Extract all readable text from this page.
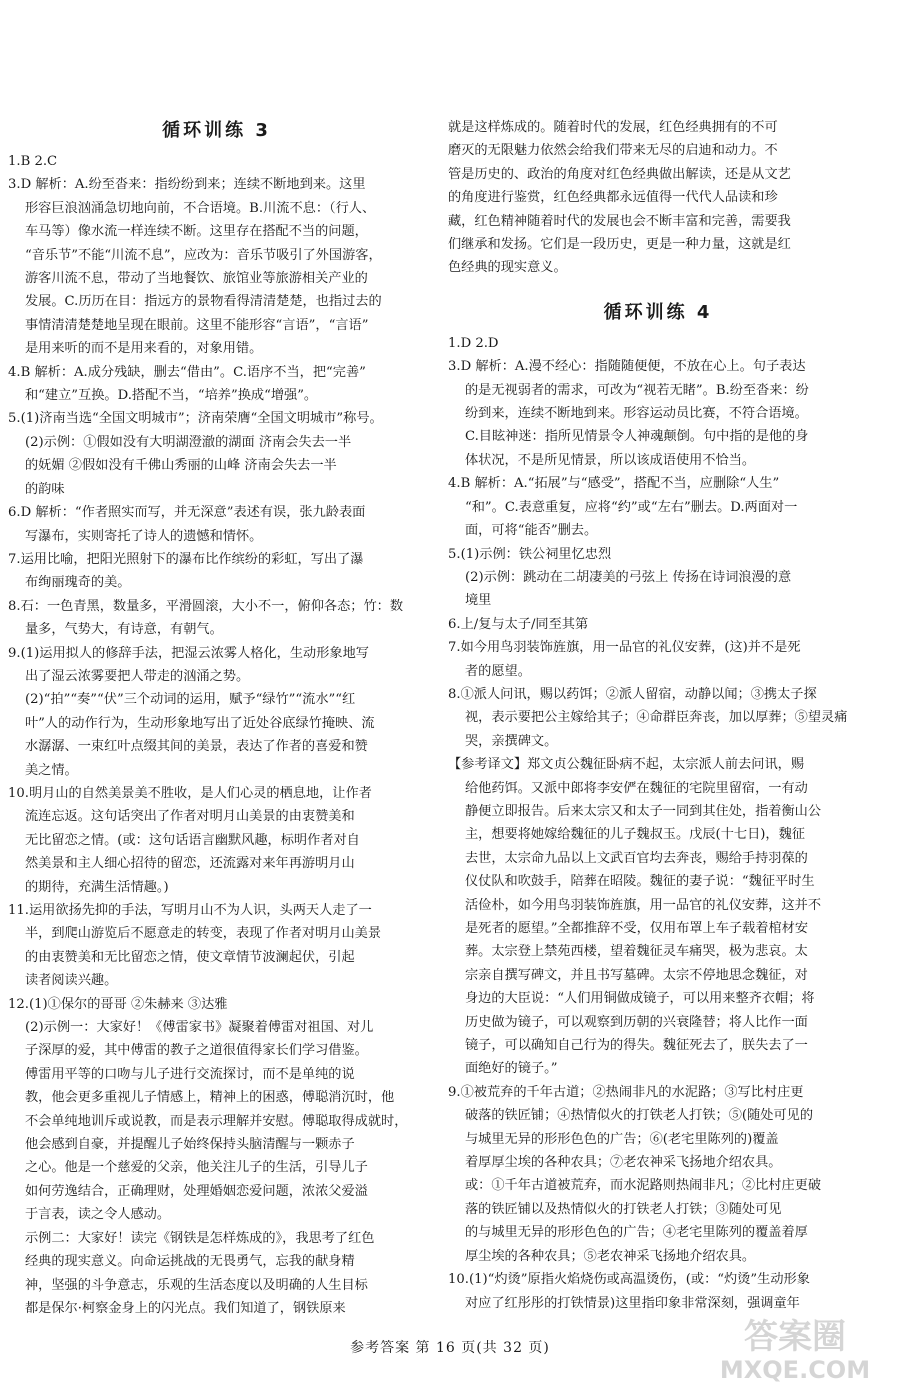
循环训练 3

1.B 2.C

3.D 解析：A.纷至沓来：指纷纷到来；连续不断地到来。这里

形容巨浪汹涌急切地向前，不合语境。B.川流不息：（行人、

车马等）像水流一样连续不断。这里存在搭配不当的问题，

“音乐节”不能“川流不息”，应改为：音乐节吸引了外国游客，

游客川流不息，带动了当地餐饮、旅馆业等旅游相关产业的

发展。C.历历在目：指远方的景物看得清清楚楚，也指过去的

事情清清楚楚地呈现在眼前。这里不能形容“言语”，“言语”

是用来听的而不是用来看的，对象用错。

4.B 解析：A.成分残缺，删去“借由”。C.语序不当，把“完善”

和“建立”互换。D.搭配不当，“培养”换成“增强”。

5.(1)济南当选“全国文明城市”；济南荣膺“全国文明城市”称号。

(2)示例：①假如没有大明湖澄澈的湖面 济南会失去一半

的妩媚 ②假如没有千佛山秀丽的山峰 济南会失去一半

的韵味

6.D 解析：“作者照实而写，并无深意”表述有误，张九龄表面

写瀑布，实则寄托了诗人的遗憾和情怀。

7.运用比喻，把阳光照射下的瀑布比作缤纷的彩虹，写出了瀑

布绚丽瑰奇的美。

8.石：一色青黑，数量多，平滑圆滚，大小不一，俯仰各态；竹：数

量多，气势大，有诗意，有朝气。

9.(1)运用拟人的修辞手法，把湿云浓雾人格化，生动形象地写

出了湿云浓雾要把人带走的汹涌之势。

(2)“拍”“奏”“伏”三个动词的运用，赋予“绿竹”“流水”“红

叶”人的动作行为，生动形象地写出了近处谷底绿竹掩映、流

水潺潺、一束红叶点缀其间的美景，表达了作者的喜爱和赞

美之情。

10.明月山的自然美景美不胜收，是人们心灵的栖息地，让作者

流连忘返。这句话突出了作者对明月山美景的由衷赞美和

无比留恋之情。(或：这句话语言幽默风趣，标明作者对自

然美景和主人细心招待的留恋，还流露对来年再游明月山

的期待，充满生活情趣。)

11.运用欲扬先抑的手法，写明月山不为人识，头两天人走了一

半，到爬山游览后不愿意走的转变，表现了作者对明月山美景

的由衷赞美和无比留恋之情，使文章情节波澜起伏，引起

读者阅读兴趣。

12.(1)①保尔的哥哥 ②朱赫来 ③达雅

(2)示例一：大家好！《傅雷家书》凝聚着傅雷对祖国、对儿

子深厚的爱，其中傅雷的教子之道很值得家长们学习借鉴。

傅雷用平等的口吻与儿子进行交流探讨，而不是单纯的说

教，他会更多重视儿子情感上，精神上的困惑，傅聪消沉时，他

不会单纯地训斥或说教，而是表示理解并安慰。傅聪取得成就时，

他会感到自豪，并提醒儿子始终保持头脑清醒与一颗赤子

之心。他是一个慈爱的父亲，他关注儿子的生活，引导儿子

如何劳逸结合，正确理财，处理婚姻恋爱问题，浓浓父爱溢

于言表，读之令人感动。

示例二：大家好！读完《钢铁是怎样炼成的》，我思考了红色

经典的现实意义。向命运挑战的无畏勇气，忘我的献身精

神，坚强的斗争意志，乐观的生活态度以及明确的人生目标

都是保尔·柯察金身上的闪光点。我们知道了，钢铁原来

就是这样炼成的。随着时代的发展，红色经典拥有的不可

磨灭的无限魅力依然会给我们带来无尽的启迪和动力。不

管是历史的、政治的角度对红色经典做出解读，还是从文艺

的角度进行鉴赏，红色经典都永远值得一代代人品读和珍

藏，红色精神随着时代的发展也会不断丰富和完善，需要我

们继承和发扬。它们是一段历史，更是一种力量，这就是红

色经典的现实意义。

循环训练 4

1.D 2.D

3.D 解析：A.漫不经心：指随随便便，不放在心上。句子表达

的是无视弱者的需求，可改为“视若无睹”。B.纷至沓来：纷

纷到来，连续不断地到来。形容运动员比赛，不符合语境。

C.目眩神迷：指所见情景令人神魂颠倒。句中指的是他的身

体状况，不是所见情景，所以该成语使用不恰当。

4.B 解析：A.“拓展”与“感受”，搭配不当，应删除“人生”

“和”。C.表意重复，应将“约”或“左右”删去。D.两面对一

面，可将“能否”删去。

5.(1)示例：铁公祠里忆忠烈

(2)示例：跳动在二胡凄美的弓弦上 传扬在诗词浪漫的意

境里

6.上/复与太子/同至其第

7.如今用鸟羽装饰旌旗，用一品官的礼仪安葬，(这)并不是死

者的愿望。

8.①派人问讯，赐以药饵；②派人留宿，动静以闻；③携太子探

视，表示要把公主嫁给其子；④命群臣奔丧，加以厚葬；⑤望灵痛

哭，亲撰碑文。

【参考译文】郑文贞公魏征卧病不起，太宗派人前去问讯，赐

给他药饵。又派中郎将李安俨在魏征的宅院里留宿，一有动

静便立即报告。后来太宗又和太子一同到其住处，指着衡山公

主，想要将她嫁给魏征的儿子魏叔玉。戊辰(十七日)，魏征

去世，太宗命九品以上文武百官均去奔丧，赐给手持羽葆的

仪仗队和吹鼓手，陪葬在昭陵。魏征的妻子说：“魏征平时生

活俭朴，如今用鸟羽装饰旌旗，用一品官的礼仪安葬，这并不

是死者的愿望。”全都推辞不受，仅用布罩上车子载着棺材安

葬。太宗登上禁苑西楼，望着魏征灵车痛哭，极为悲哀。太

宗亲自撰写碑文，并且书写墓碑。太宗不停地思念魏征，对

身边的大臣说：“人们用铜做成镜子，可以用来整齐衣帽；将

历史做为镜子，可以观察到历朝的兴衰隆替；将人比作一面

镜子，可以确知自己行为的得失。魏征死去了，朕失去了一

面绝好的镜子。”

9.①被荒弃的千年古道；②热闹非凡的水泥路；③写比村庄更

破落的铁匠铺；④热情似火的打铁老人打铁；⑤(随处可见的

与城里无异的形形色色的广告；⑥(老宅里陈列的)覆盖

着厚厚尘埃的各种农具；⑦老农神采飞扬地介绍农具。

或：①千年古道被荒弃，而水泥路则热闹非凡；②比村庄更破

落的铁匠铺以及热情似火的打铁老人打铁；③随处可见

的与城里无异的形形色色的广告；④老宅里陈列的覆盖着厚

厚尘埃的各种农具；⑤老农神采飞扬地介绍农具。

10.(1)“灼烫”原指火焰烧伤或高温烫伤，(或：“灼烫”生动形象

对应了红彤彤的打铁情景)这里指印象非常深刻，强调童年

参考答案 第 16 页(共 32 页)	答案圈
MXQE.COM
